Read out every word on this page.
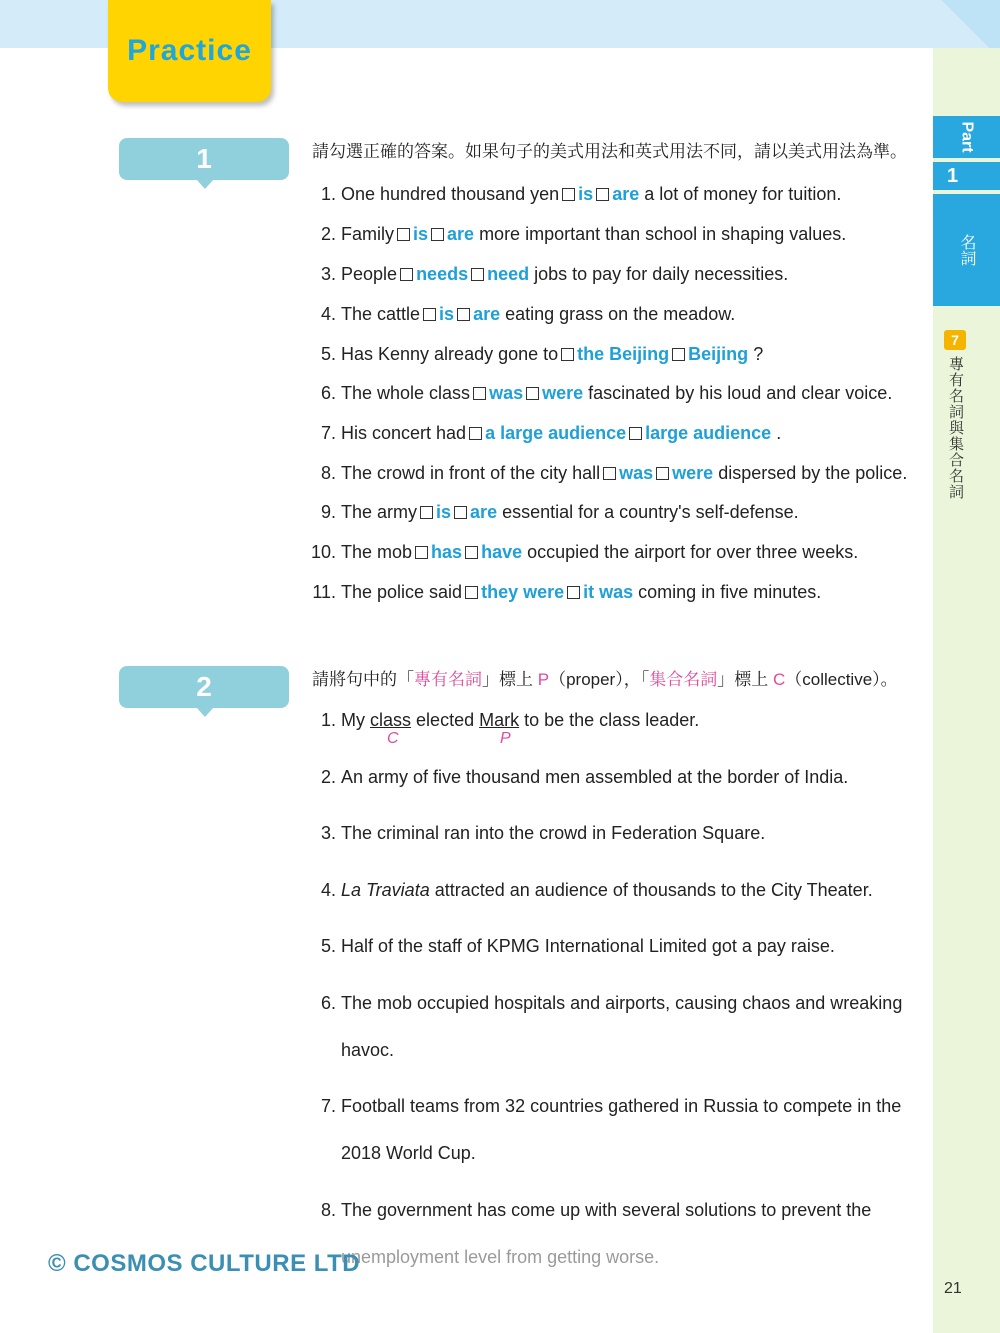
Part
1
名詞
7
專有名詞與集合名詞
Practice
1	請勾選正確的答案。如果句子的美式用法和英式用法不同，請以美式用法為準。
1. One hundred thousand yen is are a lot of money for tuition.
2. Family is are more important than school in shaping values.
3. People needs need jobs to pay for daily necessities.
4. The cattle is are eating grass on the meadow.
5. Has Kenny already gone to the Beijing Beijing ?
6. The whole class was were fascinated by his loud and clear voice.
7. His concert had a large audience large audience .
8. The crowd in front of the city hall was were dispersed by the police.
9. The army is are essential for a country's self-defense.
10. The mob has have occupied the airport for over three weeks.
11. The police said they were it was coming in five minutes.
2	請將句中的「專有名詞」標上 P（proper），「集合名詞」標上 C（collective）。
1. My class elected Mark to be the class leader.
C	P
2. An army of five thousand men assembled at the border of India.
3. The criminal ran into the crowd in Federation Square.
4. La Traviata attracted an audience of thousands to the City Theater.
5. Half of the staff of KPMG International Limited got a pay raise.
6. The mob occupied hospitals and airports, causing chaos and wreaking
havoc.
7. Football teams from 32 countries gathered in Russia to compete in the
2018 World Cup.
8. The government has come up with several solutions to prevent the
unemployment level from getting worse.
© COSMOS CULTURE LTD
21
